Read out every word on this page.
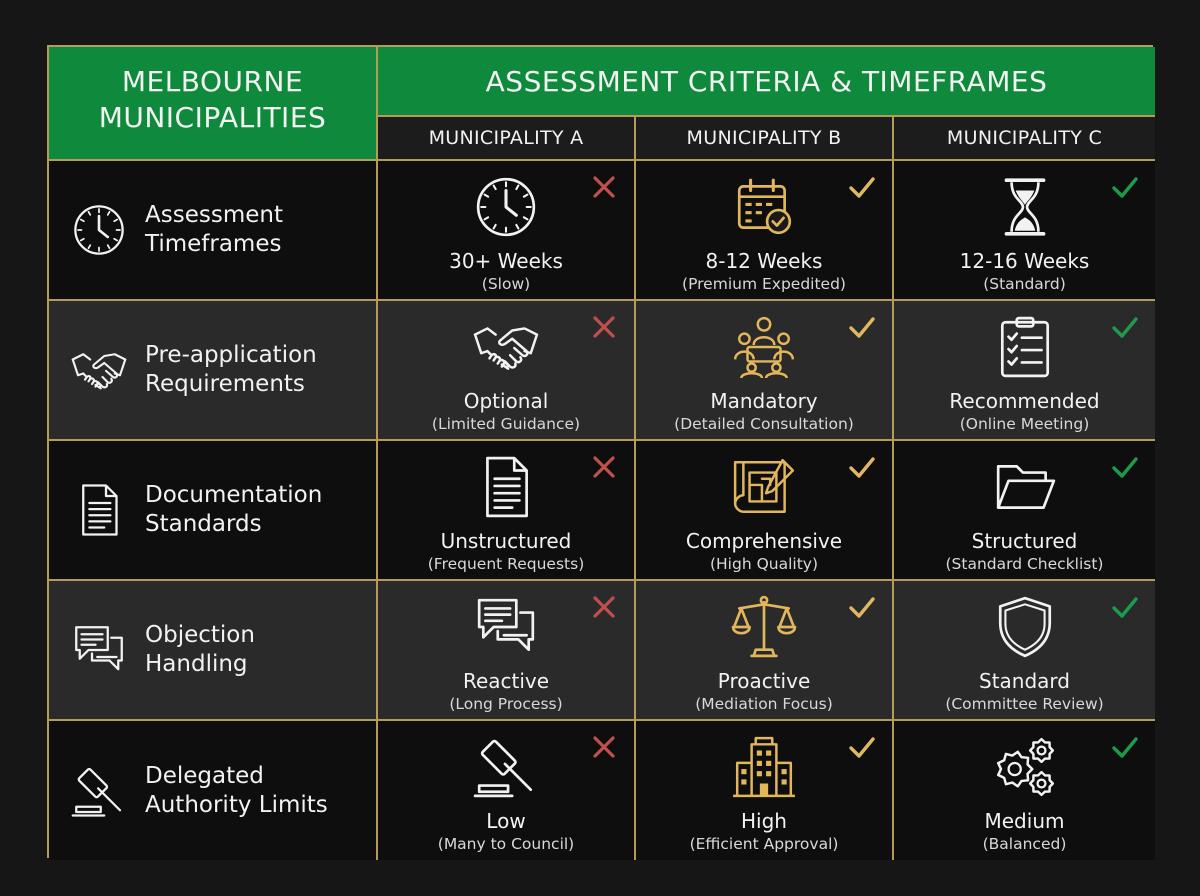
MELBOURNE
MUNICIPALITIES
ASSESSMENT CRITERIA & TIMEFRAMES
MUNICIPALITY A	MUNICIPALITY B	MUNICIPALITY C
Assessment
Timeframes
30+ Weeks
(Slow)
8-12 Weeks
(Premium Expedited)
12-16 Weeks
(Standard)
Pre-application
Requirements
Optional
(Limited Guidance)
Mandatory
(Detailed Consultation)
Recommended
(Online Meeting)
Documentation
Standards
Unstructured
(Frequent Requests)
Comprehensive
(High Quality)
Structured
(Standard Checklist)
Objection
Handling
Reactive
(Long Process)
Proactive
(Mediation Focus)
Standard
(Committee Review)
Delegated
Authority Limits
Low
(Many to Council)
High
(Efficient Approval)
Medium
(Balanced)
